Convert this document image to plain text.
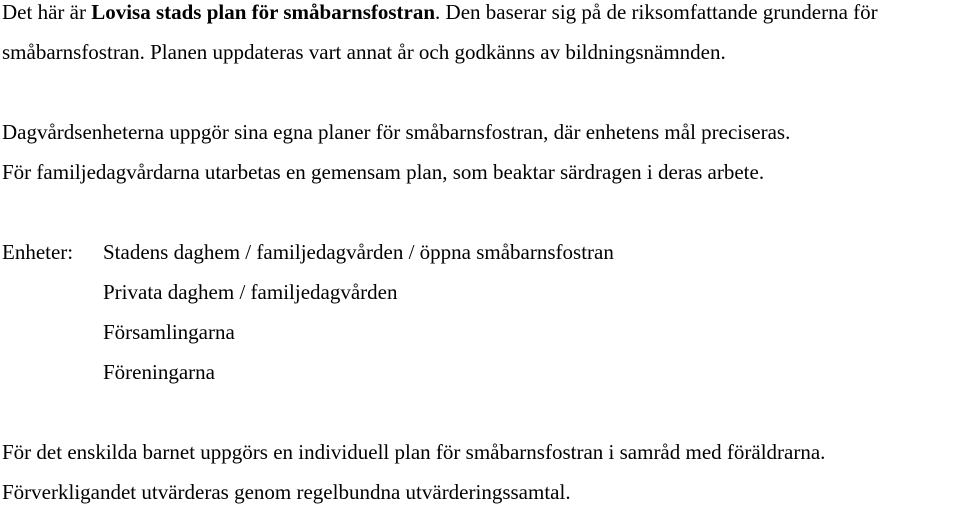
Det här är Lovisa stads plan för småbarnsfostran. Den baserar sig på de riksomfattande grunderna för
småbarnsfostran. Planen uppdateras vart annat år och godkänns av bildningsnämnden.
Dagvårdsenheterna uppgör sina egna planer för småbarnsfostran, där enhetens mål preciseras.
För familjedagvårdarna utarbetas en gemensam plan, som beaktar särdragen i deras arbete.
Enheter:	Stadens daghem / familjedagvården / öppna småbarnsfostran
Privata daghem / familjedagvården
Församlingarna
Föreningarna
För det enskilda barnet uppgörs en individuell plan för småbarnsfostran i samråd med föräldrarna.
Förverkligandet utvärderas genom regelbundna utvärderingssamtal.
